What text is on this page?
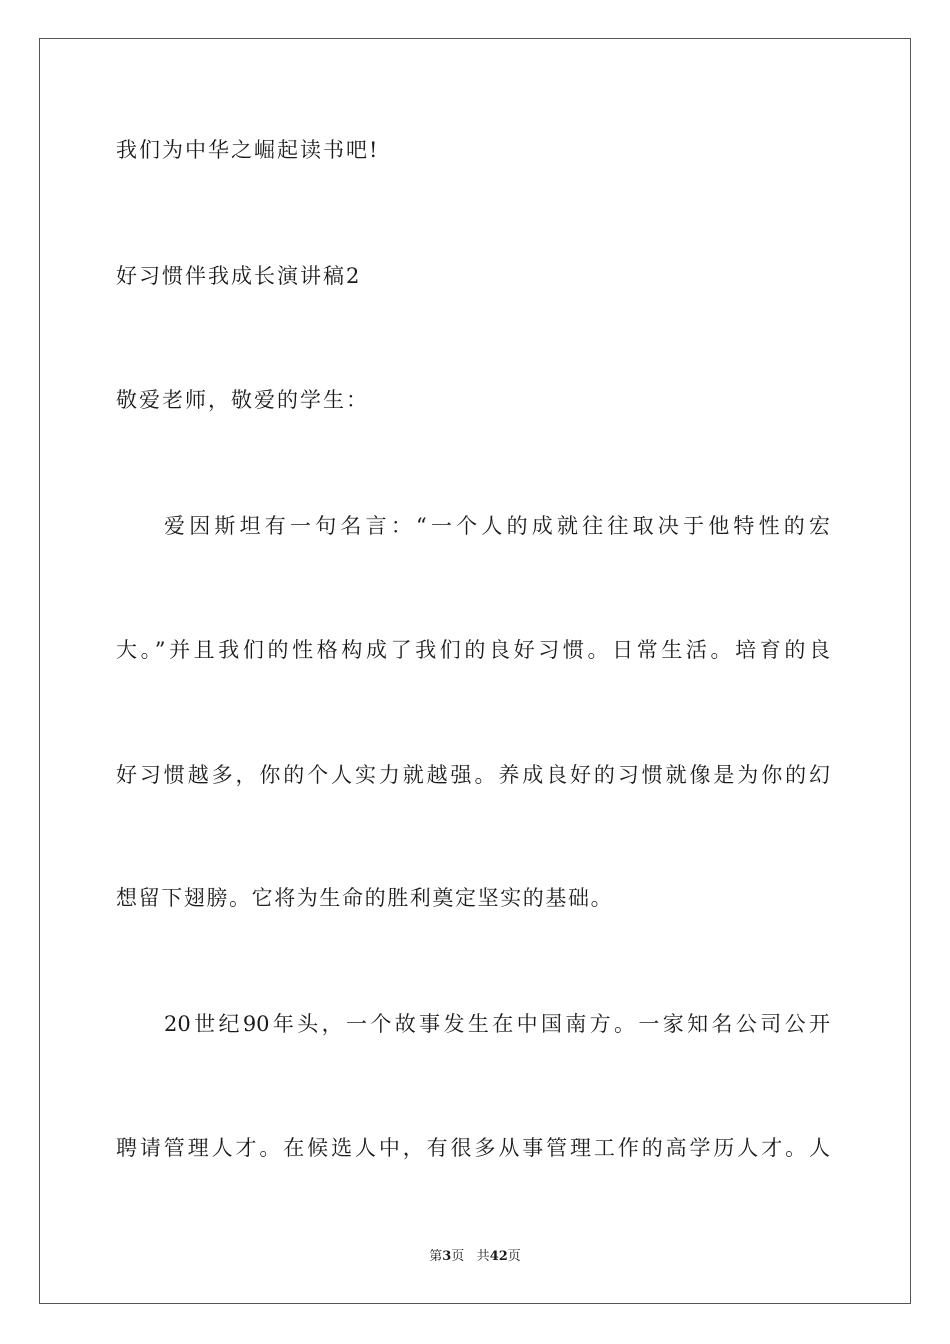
我们为中华之崛起读书吧!
好习惯伴我成长演讲稿2
敬爱老师，敬爱的学生：
爱因斯坦有一句名言：“一个人的成就往往取决于他特性的宏
大。”并且我们的性格构成了我们的良好习惯。日常生活。培育的良
好习惯越多，你的个人实力就越强。养成良好的习惯就像是为你的幻
想留下翅膀。它将为生命的胜利奠定坚实的基础。
20世纪90年头，一个故事发生在中国南方。一家知名公司公开
聘请管理人才。在候选人中，有很多从事管理工作的高学历人才。人
第3页 共42页
